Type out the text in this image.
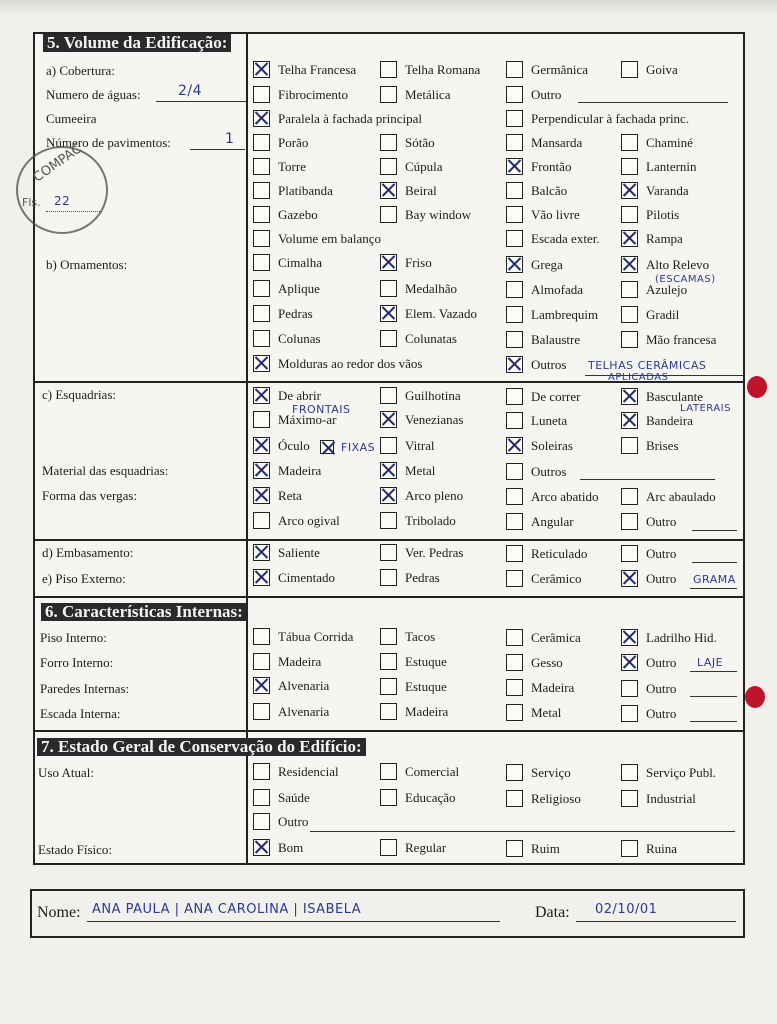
5. Volume da Edificação:
6. Características Internas:
7. Estado Geral de Conservação do Edifício:
a) Cobertura:
Numero de águas:	2/4
Cumeeira
Número de pavimentos:	1
b) Ornamentos:
c) Esquadrias:
Material das esquadrias:
Forma das vergas:
d) Embasamento:
e) Piso Externo:
Piso Interno:
Forro Interno:
Paredes Internas:
Escada Interna:
Uso Atual:
Estado Físico:
COMPAC
Fls. 22
Telha Francesa	Telha Romana	Germânica	Goiva
Fibrocimento	Metálica	Outro
Paralela à fachada principal	Perpendicular à fachada princ.
Porão	Sótão	Mansarda	Chaminé
Torre	Cúpula	Frontão	Lanternin
Platibanda	Beiral	Balcão	Varanda
Gazebo	Bay window	Vão livre	Pilotis
Volume em balanço	Escada exter.	Rampa
Cimalha	Friso	Grega	Alto Relevo
Aplique	Medalhão	Almofada	Azulejo
Pedras	Elem. Vazado	Lambrequim	Gradil
Colunas	Colunatas	Balaustre	Mão francesa
Molduras ao redor dos vãos	Outros
De abrir	Guilhotina	De correr	Basculante
Máximo-ar	Venezianas	Luneta	Bandeira
Óculo	Vitral	Soleiras	Brises
Madeira	Metal	Outros
Reta	Arco pleno	Arco abatido	Arc abaulado
Arco ogival	Tribolado	Angular	Outro
Saliente	Ver. Pedras	Reticulado	Outro
Cimentado	Pedras	Cerâmico	Outro
Tábua Corrida	Tacos	Cerâmica	Ladrilho Hid.
Madeira	Estuque	Gesso	Outro
Alvenaria	Estuque	Madeira	Outro
Alvenaria	Madeira	Metal	Outro
Residencial	Comercial	Serviço	Serviço Publ.
Saúde	Educação	Religioso	Industrial
Outro
Bom	Regular	Ruim	Ruina
(ESCAMAS)
TELHAS CERÂMICAS
APLICADAS
FRONTAIS	LATERAIS
FIXAS
GRAMA
LAJE
Nome: ANA PAULA | ANA CAROLINA | ISABELA	Data: 02/10/01
